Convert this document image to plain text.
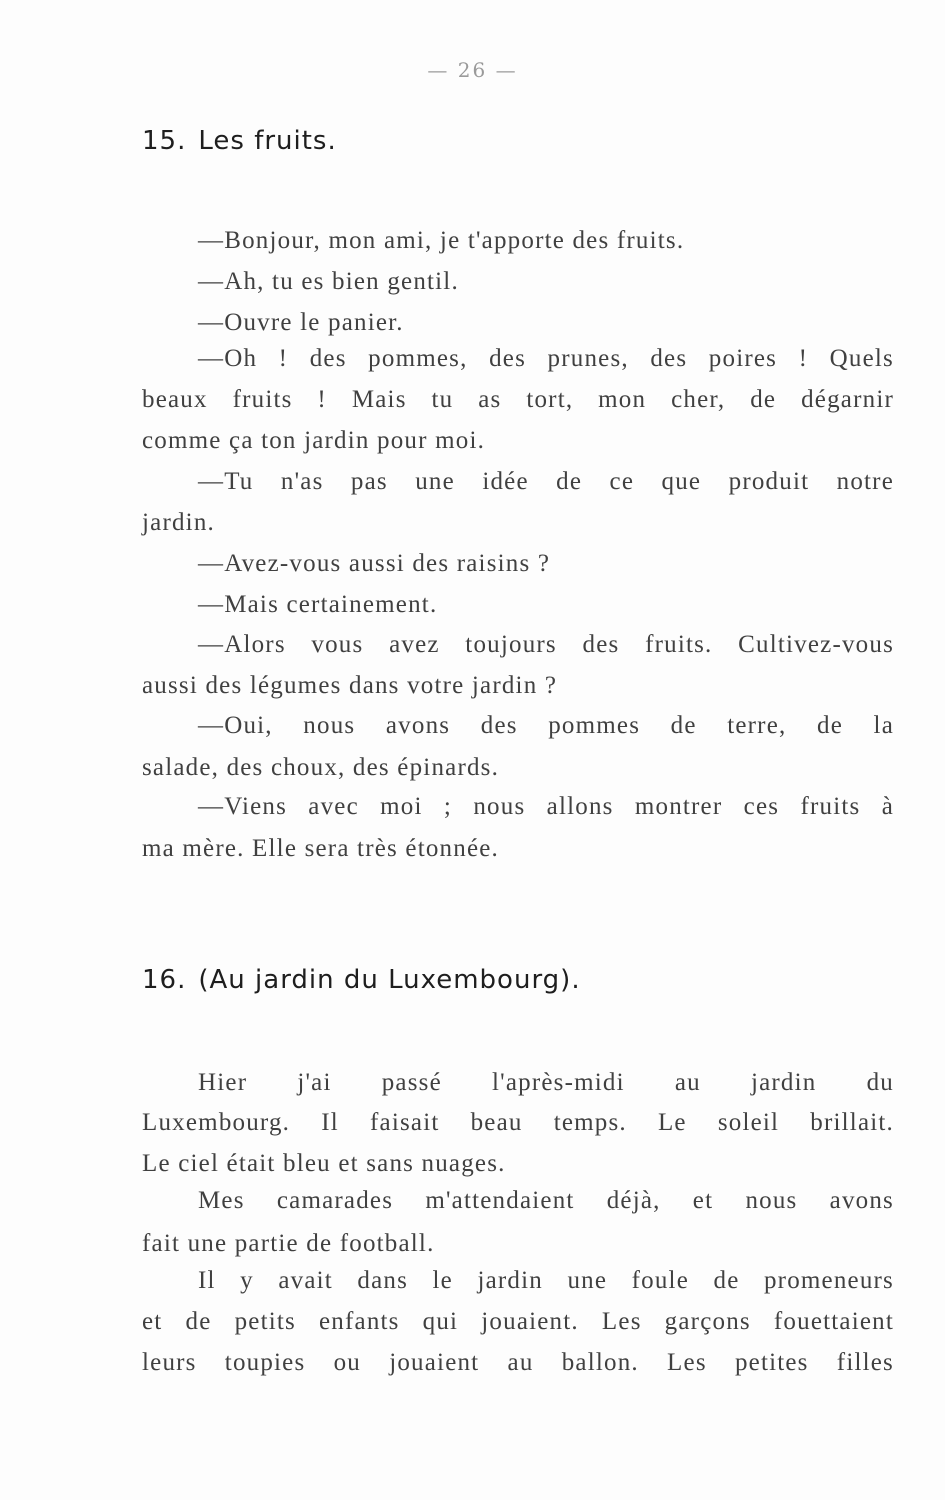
— 26 —
15. Les fruits.
—Bonjour, mon ami, je t'apporte des fruits.
—Ah, tu es bien gentil.
—Ouvre le panier.
—Oh ! des pommes, des prunes, des poires ! Quels
beaux fruits ! Mais tu as tort, mon cher, de dégarnir
comme ça ton jardin pour moi.
—Tu n'as pas une idée de ce que produit notre
jardin.
—Avez-vous aussi des raisins ?
—Mais certainement.
—Alors vous avez toujours des fruits. Cultivez-vous
aussi des légumes dans votre jardin ?
—Oui, nous avons des pommes de terre, de la
salade, des choux, des épinards.
—Viens avec moi ; nous allons montrer ces fruits à
ma mère. Elle sera très étonnée.
16. (Au jardin du Luxembourg).
Hier j'ai passé l'après-midi au jardin du
Luxembourg. Il faisait beau temps. Le soleil brillait.
Le ciel était bleu et sans nuages.
Mes camarades m'attendaient déjà, et nous avons
fait une partie de football.
Il y avait dans le jardin une foule de promeneurs
et de petits enfants qui jouaient. Les garçons fouettaient
leurs toupies ou jouaient au ballon. Les petites filles
